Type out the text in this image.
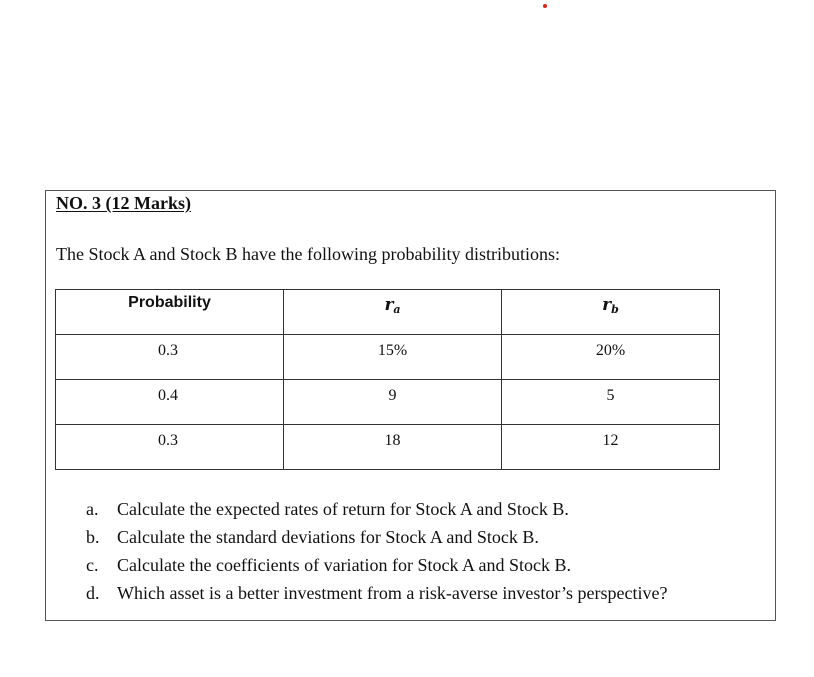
NO. 3 (12 Marks)
The Stock A and Stock B have the following probability distributions:
Probability	$r_a$	$r_b$

0.3	15%	20%

0.4	9	5

0.3	18	12
a. Calculate the expected rates of return for Stock A and Stock B.
b. Calculate the standard deviations for Stock A and Stock B.
c. Calculate the coefficients of variation for Stock A and Stock B.
d. Which asset is a better investment from a risk-averse investor’s perspective?
